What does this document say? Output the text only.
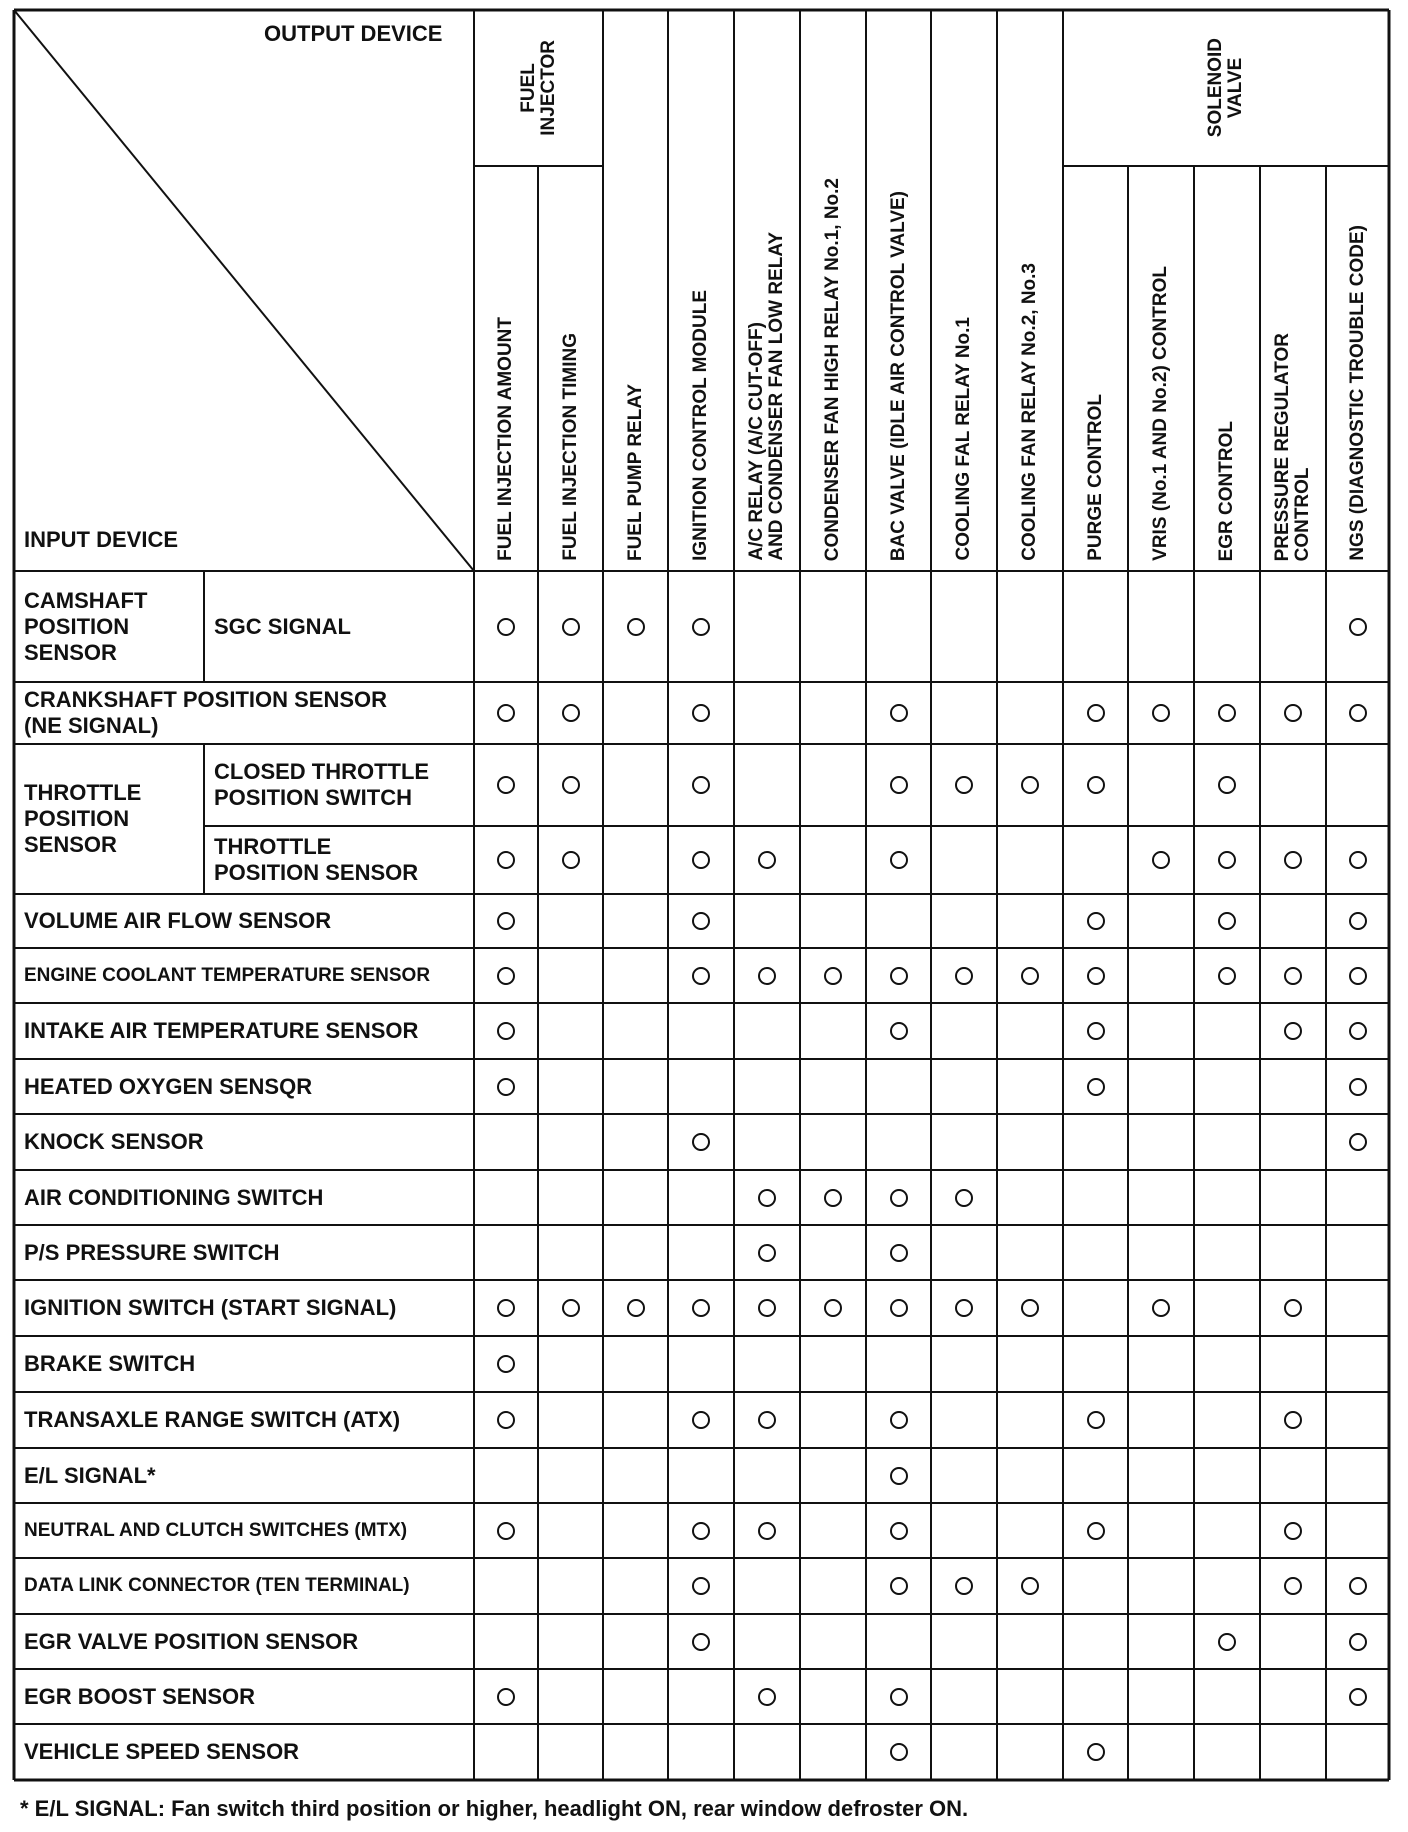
OUTPUT DEVICE
INPUT DEVICE
FUEL
INJECTOR	SOLENOID
VALVE
FUEL INJECTION AMOUNT FUEL INJECTION TIMING FUEL PUMP RELAY IGNITION CONTROL MODULE A/C RELAY (A/C CUT-OFF)
AND CONDENSER FAN LOW RELAY CONDENSER FAN HIGH RELAY No.1, No.2 BAC VALVE (IDLE AIR CONTROL VALVE) COOLING FAL RELAY No.1 COOLING FAN RELAY No.2, No.3 PURGE CONTROL VRIS (No.1 AND No.2) CONTROL EGR CONTROL PRESSURE REGULATOR
CONTROL NGS (DIAGNOSTIC TROUBLE CODE)
CAMSHAFT
POSITION
SENSOR
THROTTLE
POSITION
SENSOR
SGC SIGNAL
CRANKSHAFT POSITION SENSOR
(NE SIGNAL)
CLOSED THROTTLE
POSITION SWITCH
THROTTLE
POSITION SENSOR
VOLUME AIR FLOW SENSOR
ENGINE COOLANT TEMPERATURE SENSOR
INTAKE AIR TEMPERATURE SENSOR
HEATED OXYGEN SENSQR
KNOCK SENSOR
AIR CONDITIONING SWITCH
P/S PRESSURE SWITCH
IGNITION SWITCH (START SIGNAL)
BRAKE SWITCH
TRANSAXLE RANGE SWITCH (ATX)
E/L SIGNAL*
NEUTRAL AND CLUTCH SWITCHES (MTX)
DATA LINK CONNECTOR (TEN TERMINAL)
EGR VALVE POSITION SENSOR
EGR BOOST SENSOR
VEHICLE SPEED SENSOR
* E/L SIGNAL: Fan switch third position or higher, headlight ON, rear window defroster ON.
